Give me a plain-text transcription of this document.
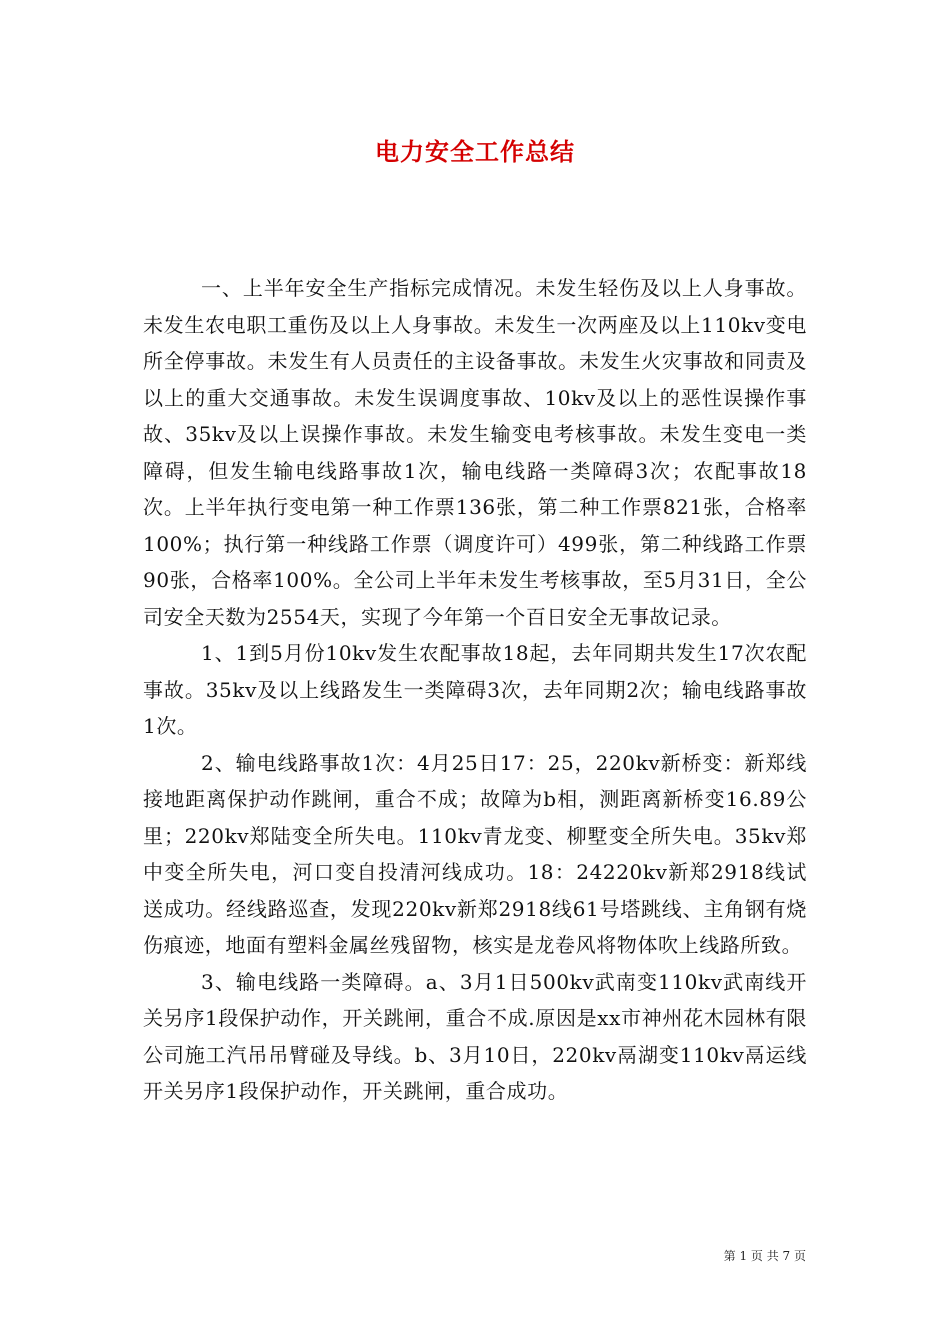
电力安全工作总结

一、上半年安全生产指标完成情况。未发生轻伤及以上人身事故。未发生农电职工重伤及以上人身事故。未发生一次两座及以上110kv变电所全停事故。未发生有人员责任的主设备事故。未发生火灾事故和同责及以上的重大交通事故。未发生误调度事故、10kv及以上的恶性误操作事故、35kv及以上误操作事故。未发生输变电考核事故。未发生变电一类障碍，但发生输电线路事故1次，输电线路一类障碍3次；农配事故18次。上半年执行变电第一种工作票136张，第二种工作票821张，合格率100%；执行第一种线路工作票（调度许可）499张，第二种线路工作票90张，合格率100%。全公司上半年未发生考核事故，至5月31日，全公司安全天数为2554天，实现了今年第一个百日安全无事故记录。

1、1到5月份10kv发生农配事故18起，去年同期共发生17次农配事故。35kv及以上线路发生一类障碍3次，去年同期2次；输电线路事故1次。

2、输电线路事故1次：4月25日17：25，220kv新桥变：新郑线接地距离保护动作跳闸，重合不成；故障为b相，测距离新桥变16.89公里；220kv郑陆变全所失电。110kv青龙变、柳墅变全所失电。35kv郑中变全所失电，河口变自投清河线成功。18：24220kv新郑2918线试送成功。经线路巡查，发现220kv新郑2918线61号塔跳线、主角钢有烧伤痕迹，地面有塑料金属丝残留物，核实是龙卷风将物体吹上线路所致。

3、输电线路一类障碍。a、3月1日500kv武南变110kv武南线开关另序1段保护动作，开关跳闸，重合不成.原因是xx市神州花木园林有限公司施工汽吊吊臂碰及导线。b、3月10日，220kv鬲湖变110kv鬲运线开关另序1段保护动作，开关跳闸，重合成功。

第 1 页 共 7 页
